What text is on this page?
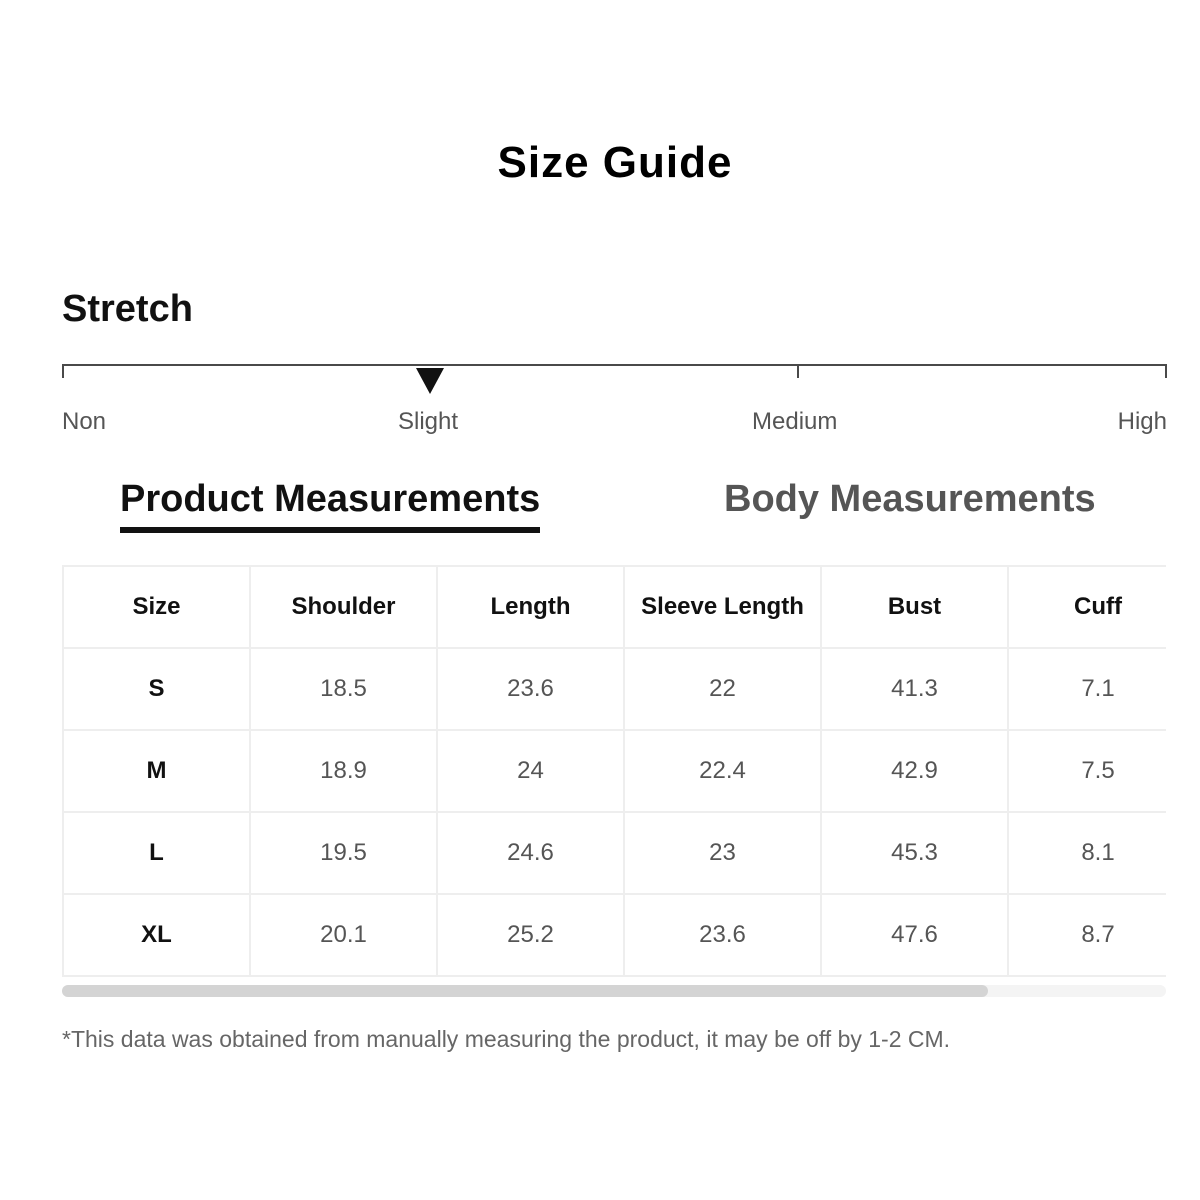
Size Guide
Stretch
Non	Slight	Medium	High
Product Measurements	Body Measurements
Size	Shoulder	Length	Sleeve Length	Bust	Cuff
S	18.5	23.6	22	41.3	7.1
M	18.9	24	22.4	42.9	7.5
L	19.5	24.6	23	45.3	8.1
XL	20.1	25.2	23.6	47.6	8.7
*This data was obtained from manually measuring the product, it may be off by 1-2 CM.
